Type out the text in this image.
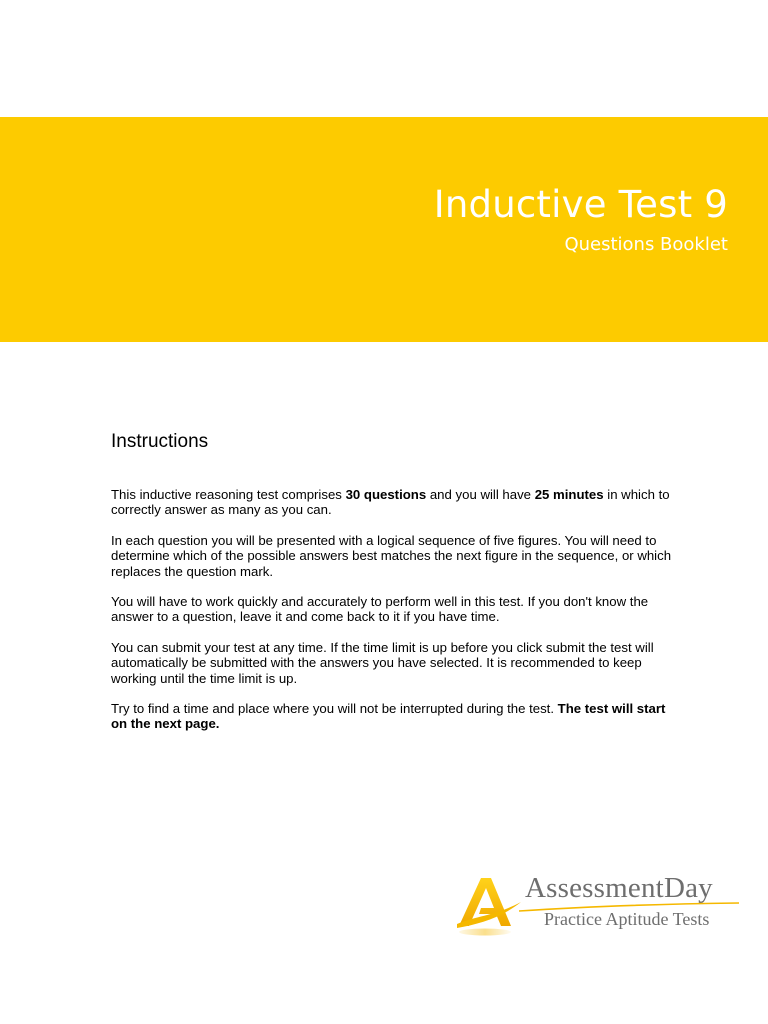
Inductive Test 9
Questions Booklet
Instructions

This inductive reasoning test comprises 30 questions and you will have 25 minutes in which to correctly answer as many as you can.

In each question you will be presented with a logical sequence of five figures. You will need to determine which of the possible answers best matches the next figure in the sequence, or which replaces the question mark.

You will have to work quickly and accurately to perform well in this test. If you don't know the answer to a question, leave it and come back to it if you have time.

You can submit your test at any time. If the time limit is up before you click submit the test will automatically be submitted with the answers you have selected. It is recommended to keep working until the time limit is up.

Try to find a time and place where you will not be interrupted during the test. The test will start on the next page.

AssessmentDay
Practice Aptitude Tests
